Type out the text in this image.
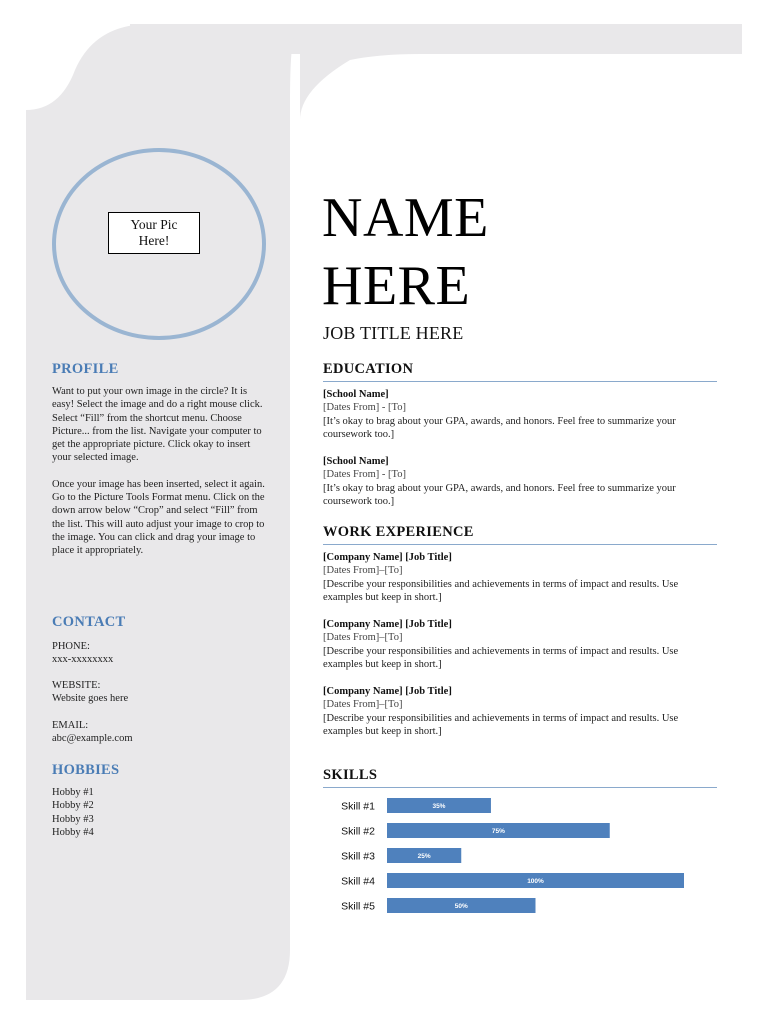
Your Pic
Here!
PROFILE

Want to put your own image in the circle? It is easy! Select the image and do a right mouse click. Select “Fill” from the shortcut menu. Choose Picture... from the list. Navigate your computer to get the appropriate picture. Click okay to insert your selected image.

Once your image has been inserted, select it again. Go to the Picture Tools Format menu. Click on the down arrow below “Crop” and select “Fill” from the list. This will auto adjust your image to crop to the image. You can click and drag your image to place it appropriately.

CONTACT
PHONE:
xxx-xxxxxxxx
WEBSITE:
Website goes here
EMAIL:
abc@example.com
HOBBIES
Hobby #1
Hobby #2
Hobby #3
Hobby #4
NAME
HERE
JOB TITLE HERE
EDUCATION
[School Name]
[Dates From] - [To]
[It’s okay to brag about your GPA, awards, and honors. Feel free to summarize your coursework too.]
[School Name]
[Dates From] - [To]
[It’s okay to brag about your GPA, awards, and honors. Feel free to summarize your coursework too.]
WORK EXPERIENCE
[Company Name] [Job Title]
[Dates From]–[To]
[Describe your responsibilities and achievements in terms of impact and results. Use examples but keep in short.]
[Company Name] [Job Title]
[Dates From]–[To]
[Describe your responsibilities and achievements in terms of impact and results. Use examples but keep in short.]
[Company Name] [Job Title]
[Dates From]–[To]
[Describe your responsibilities and achievements in terms of impact and results. Use examples but keep in short.]
SKILLS
Skill #1	35%
Skill #2	75%
Skill #3	25%
Skill #4	100%
Skill #5	50%
